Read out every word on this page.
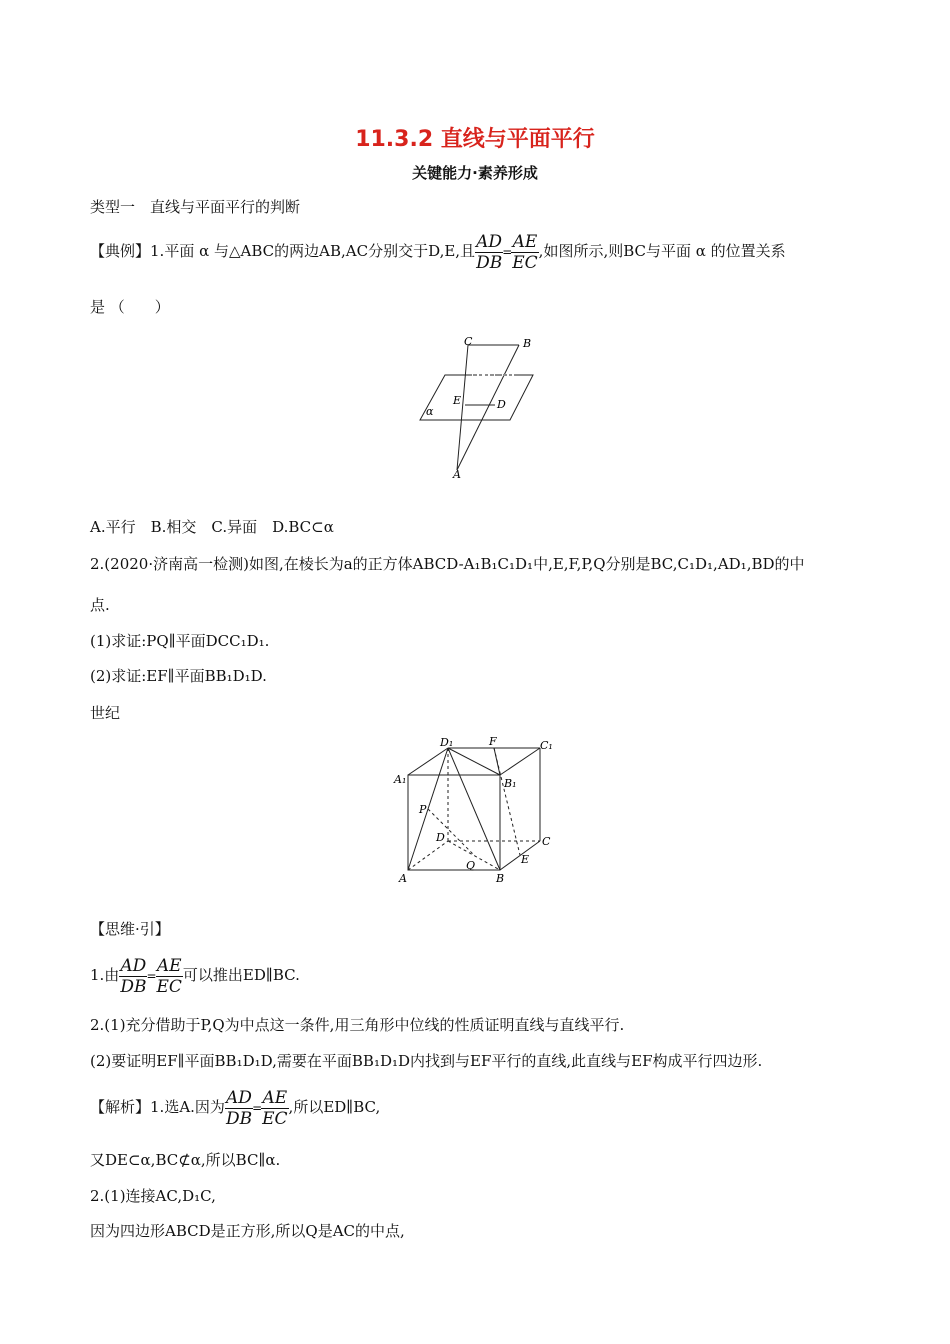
11.3.2 直线与平面平行
关键能力·素养形成
类型一　直线与平面平行的判断
【典例】1.平面 α 与△ABC的两边AB,AC分别交于D,E,且 $\frac{AD}{DB} = \frac{AE}{EC}$ ,如图所示,则BC与平面 α 的位置关系
是 （　　）
C	B
E	D
α
A
A.平行　B.相交　C.异面　D.BC⊂α
2.(2020·济南高一检测)如图,在棱长为a的正方体ABCD-A₁B₁C₁D₁中,E,F,P,Q分别是BC,C₁D₁,AD₁,BD的中
点.
(1)求证:PQ∥平面DCC₁D₁.
(2)求证:EF∥平面BB₁D₁D.
世纪
D₁	F	C₁
A₁	B₁
P
D	C
Q	E
A	B
【思维·引】
1.由 $\frac{AD}{DB} = \frac{AE}{EC}$ 可以推出ED∥BC.
2.(1)充分借助于P,Q为中点这一条件,用三角形中位线的性质证明直线与直线平行.
(2)要证明EF∥平面BB₁D₁D,需要在平面BB₁D₁D内找到与EF平行的直线,此直线与EF构成平行四边形.
【解析】1.选A.因为 $\frac{AD}{DB} = \frac{AE}{EC}$ ,所以ED∥BC,
又DE⊂α,BC⊄α,所以BC∥α.
2.(1)连接AC,D₁C,
因为四边形ABCD是正方形,所以Q是AC的中点,
